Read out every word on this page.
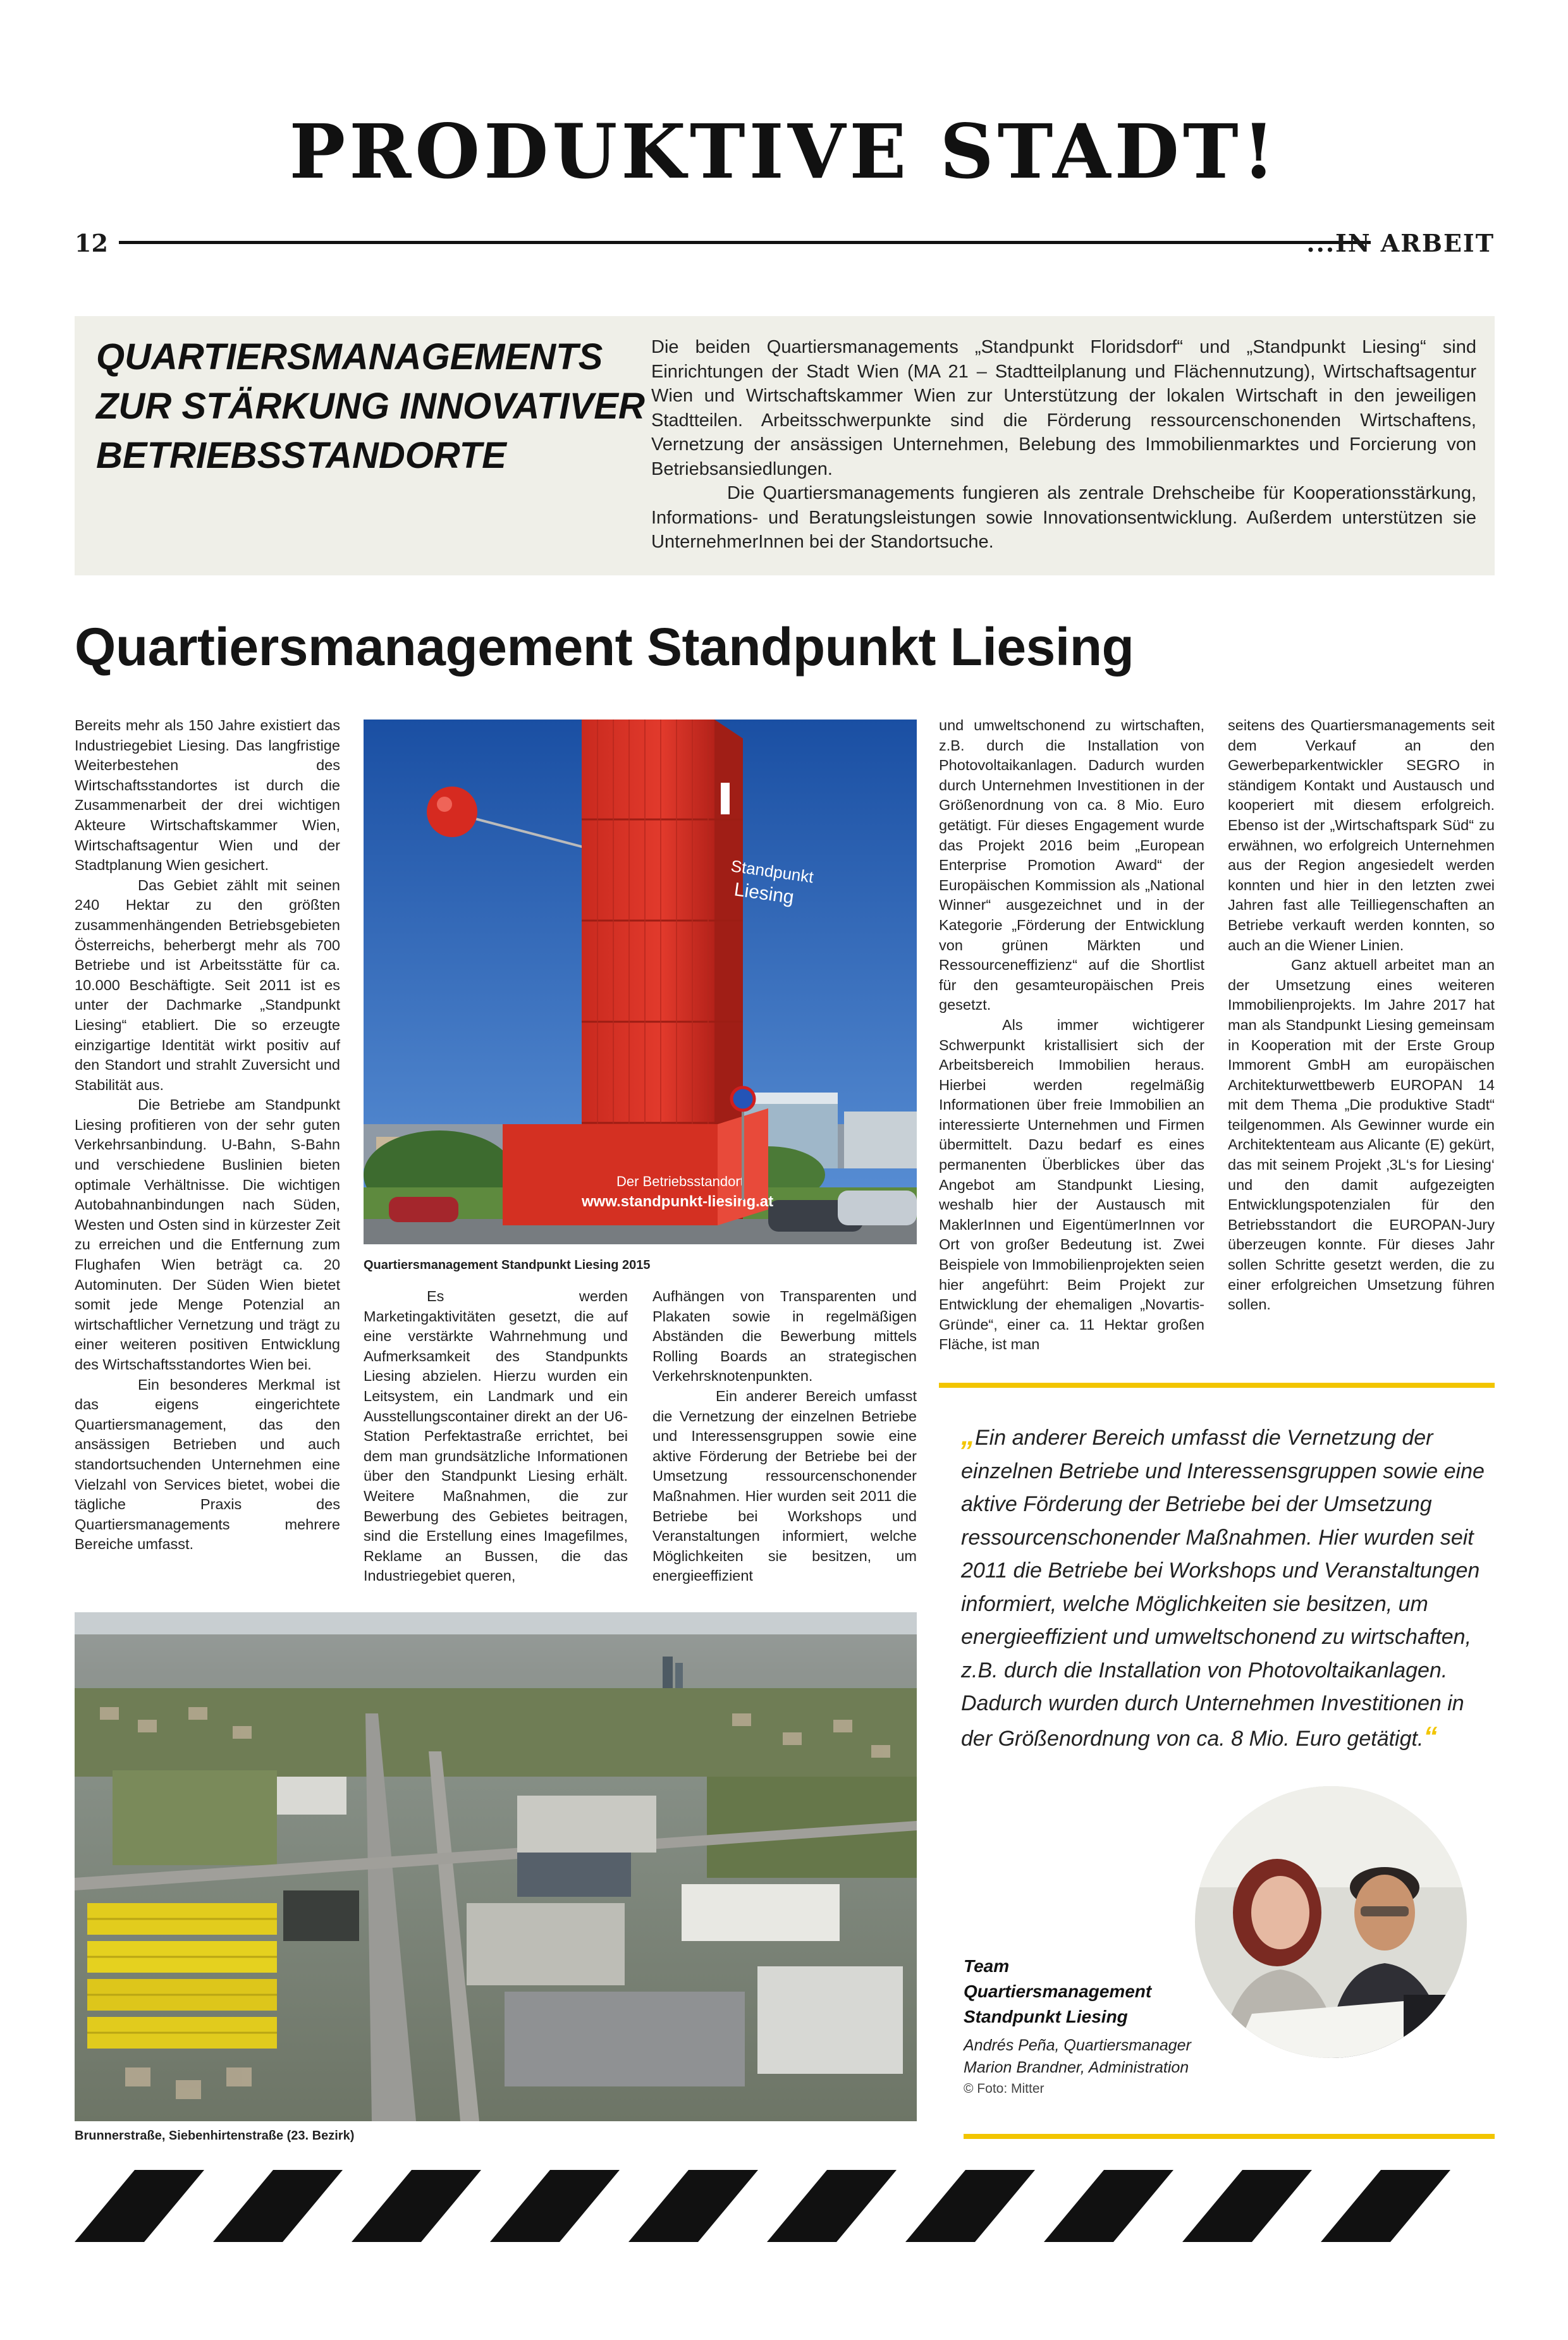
PRODUKTIVE STADT!
12	...IN ARBEIT
QUARTIERSMANAGEMENTS ZUR STÄRKUNG INNOVATIVER BETRIEBSSTANDORTE

Die beiden Quartiersmanagements „Standpunkt Floridsdorf“ und „Standpunkt Liesing“ sind Einrichtungen der Stadt Wien (MA 21 – Stadtteilplanung und Flächennutzung), Wirtschaftsagentur Wien und Wirtschaftskammer Wien zur Unterstützung der lokalen Wirtschaft in den jeweiligen Stadtteilen. Arbeitsschwerpunkte sind die Förderung ressourcenschonenden Wirtschaftens, Vernetzung der ansässigen Unternehmen, Belebung des Immobilienmarktes und Forcierung von Betriebsansiedlungen.

Die Quartiersmanagements fungieren als zentrale Drehscheibe für Kooperationsstärkung, Informations- und Beratungsleistungen sowie Innovationsentwicklung. Außerdem unterstützen sie UnternehmerInnen bei der Standortsuche.

Quartiersmanagement Standpunkt Liesing

Bereits mehr als 150 Jahre existiert das Industriegebiet Liesing. Das langfristige Weiterbestehen des Wirtschaftsstandortes ist durch die Zusammenarbeit der drei wichtigen Akteure Wirtschaftskammer Wien, Wirtschaftsagentur Wien und der Stadtplanung Wien gesichert.

Das Gebiet zählt mit seinen 240 Hektar zu den größten zusammenhängenden Betriebsgebieten Österreichs, beherbergt mehr als 700 Betriebe und ist Arbeitsstätte für ca. 10.000 Beschäftigte. Seit 2011 ist es unter der Dachmarke „Standpunkt Liesing“ etabliert. Die so erzeugte einzigartige Identität wirkt positiv auf den Standort und strahlt Zuversicht und Stabilität aus.

Die Betriebe am Standpunkt Liesing profitieren von der sehr guten Verkehrsanbindung. U-Bahn, S-Bahn und verschiedene Buslinien bieten optimale Verhältnisse. Die wichtigen Autobahnanbindungen nach Süden, Westen und Osten sind in kürzester Zeit zu erreichen und die Entfernung zum Flughafen Wien beträgt ca. 20 Autominuten. Der Süden Wien bietet somit jede Menge Potenzial an wirtschaftlicher Vernetzung und trägt zu einer weiteren positiven Entwicklung des Wirtschaftsstandortes Wien bei.

Ein besonderes Merkmal ist das eigens eingerichtete Quartiersmanagement, das den ansässigen Betrieben und auch standortsuchenden Unternehmen eine Vielzahl von Services bietet, wobei die tägliche Praxis des Quartiersmanagements mehrere Bereiche umfasst.

Standpunkt
Liesing
Der Betriebsstandort
www.standpunkt-liesing.at
Quartiersmanagement Standpunkt Liesing 2015

Es werden Marketingaktivitäten gesetzt, die auf eine verstärkte Wahrnehmung und Aufmerksamkeit des Standpunkts Liesing abzielen. Hierzu wurden ein Leitsystem, ein Landmark und ein Ausstellungscontainer direkt an der U6-Station Perfektastraße errichtet, bei dem man grundsätzliche Informationen über den Standpunkt Liesing erhält. Weitere Maßnahmen, die zur Bewerbung des Gebietes beitragen, sind die Erstellung eines Imagefilmes, Reklame an Bussen, die das Industriegebiet queren,

Aufhängen von Transparenten und Plakaten sowie in regelmäßigen Abständen die Bewerbung mittels Rolling Boards an strategischen Verkehrsknotenpunkten.

Ein anderer Bereich umfasst die Vernetzung der einzelnen Betriebe und Interessensgruppen sowie eine aktive Förderung der Betriebe bei der Umsetzung ressourcenschonender Maßnahmen. Hier wurden seit 2011 die Betriebe bei Workshops und Veranstaltungen informiert, welche Möglichkeiten sie besitzen, um energieeffizient

und umweltschonend zu wirtschaften, z.B. durch die Installation von Photovoltaikanlagen. Dadurch wurden durch Unternehmen Investitionen in der Größenordnung von ca. 8 Mio. Euro getätigt. Für dieses Engagement wurde das Projekt 2016 beim „European Enterprise Promotion Award“ der Europäischen Kommission als „National Winner“ ausgezeichnet und in der Kategorie „Förderung der Entwicklung von grünen Märkten und Ressourceneffizienz“ auf die Shortlist für den gesamteuropäischen Preis gesetzt.

Als immer wichtigerer Schwerpunkt kristallisiert sich der Arbeitsbereich Immobilien heraus. Hierbei werden regelmäßig Informationen über freie Immobilien an interessierte Unternehmen und Firmen übermittelt. Dazu bedarf es eines permanenten Überblickes über das Angebot am Standpunkt Liesing, weshalb hier der Austausch mit MaklerInnen und EigentümerInnen vor Ort von großer Bedeutung ist. Zwei Beispiele von Immobilienprojekten seien hier angeführt: Beim Projekt zur Entwicklung der ehemaligen „Novartis-Gründe“, einer ca. 11 Hektar großen Fläche, ist man

seitens des Quartiersmanagements seit dem Verkauf an den Gewerbeparkentwickler SEGRO in ständigem Kontakt und Austausch und kooperiert mit diesem erfolgreich. Ebenso ist der „Wirtschaftspark Süd“ zu erwähnen, wo erfolgreich Unternehmen aus der Region angesiedelt werden konnten und hier in den letzten zwei Jahren fast alle Teilliegenschaften an Betriebe verkauft werden konnten, so auch an die Wiener Linien.

Ganz aktuell arbeitet man an der Umsetzung eines weiteren Immobilienprojekts. Im Jahre 2017 hat man als Standpunkt Liesing gemeinsam in Kooperation mit der Erste Group Immorent GmbH am europäischen Architekturwettbewerb EUROPAN 14 mit dem Thema „Die produktive Stadt“ teilgenommen. Als Gewinner wurde ein Architektenteam aus Alicante (E) gekürt, das mit seinem Projekt ‚3L‘s for Liesing‘ und den damit aufgezeigten Entwicklungspotenzialen für den Betriebsstandort die EUROPAN-Jury überzeugen konnte. Für dieses Jahr sollen Schritte gesetzt werden, die zu einer erfolgreichen Umsetzung führen sollen.

„Ein anderer Bereich umfasst die Vernetzung der einzelnen Betriebe und Interessensgruppen sowie eine aktive Förderung der Betriebe bei der Umsetzung ressourcenschonender Maßnahmen. Hier wurden seit 2011 die Betriebe bei Workshops und Veranstaltungen informiert, welche Möglichkeiten sie besitzen, um energieeffizient und umweltschonend zu wirtschaften, z.B. durch die Installation von Photovoltaikanlagen. Dadurch wurden durch Unternehmen Investitionen in der Größenordnung von ca. 8 Mio. Euro getätigt.“
Brunnerstraße, Siebenhirtenstraße (23. Bezirk)
Team
Quartiersmanagement
Standpunkt Liesing
Andrés Peña, Quartiersmanager
Marion Brandner, Administration
© Foto: Mitter
